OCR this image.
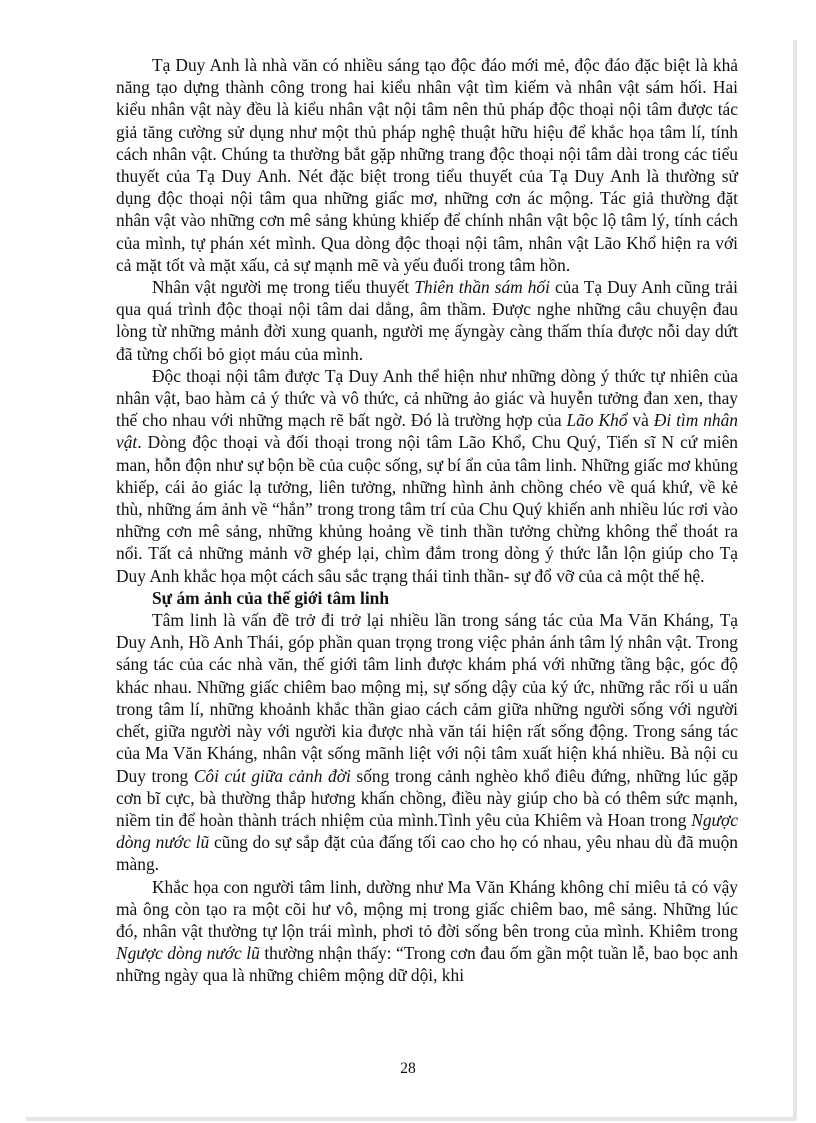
Tạ Duy Anh là nhà văn có nhiều sáng tạo độc đáo mới mẻ, độc đáo đặc biệt là khả năng tạo dựng thành công trong hai kiểu nhân vật tìm kiếm và nhân vật sám hối. Hai kiểu nhân vật này đều là kiểu nhân vật nội tâm nên thủ pháp độc thoại nội tâm được tác giả tăng cường sử dụng như một thủ pháp nghệ thuật hữu hiệu để khắc họa tâm lí, tính cách nhân vật. Chúng ta thường bắt gặp những trang độc thoại nội tâm dài trong các tiểu thuyết của Tạ Duy Anh. Nét đặc biệt trong tiểu thuyết của Tạ Duy Anh là thường sử dụng độc thoại nội tâm qua những giấc mơ, những cơn ác mộng. Tác giả thường đặt nhân vật vào những cơn mê sảng khủng khiếp để chính nhân vật bộc lộ tâm lý, tính cách của mình, tự phán xét mình. Qua dòng độc thoại nội tâm, nhân vật Lão Khổ hiện ra với cả mặt tốt và mặt xấu, cả sự mạnh mẽ và yếu đuối trong tâm hồn.

Nhân vật người mẹ trong tiểu thuyết Thiên thần sám hối của Tạ Duy Anh cũng trải qua quá trình độc thoại nội tâm dai dẳng, âm thầm. Được nghe những câu chuyện đau lòng từ những mảnh đời xung quanh, người mẹ ấyngày càng thấm thía được nỗi day dứt đã từng chối bỏ giọt máu của mình.

Độc thoại nội tâm được Tạ Duy Anh thể hiện như những dòng ý thức tự nhiên của nhân vật, bao hàm cả ý thức và vô thức, cả những ảo giác và huyễn tưởng đan xen, thay thế cho nhau với những mạch rẽ bất ngờ. Đó là trường hợp của Lão Khổ và Đi tìm nhân vật. Dòng độc thoại và đối thoại trong nội tâm Lão Khổ, Chu Quý, Tiến sĩ N cứ miên man, hỗn độn như sự bộn bề của cuộc sống, sự bí ẩn của tâm linh. Những giấc mơ khủng khiếp, cái ảo giác lạ tưởng, liên tưởng, những hình ảnh chồng chéo về quá khứ, về kẻ thù, những ám ảnh về “hắn” trong trong tâm trí của Chu Quý khiến anh nhiều lúc rơi vào những cơn mê sảng, những khủng hoảng về tinh thần tưởng chừng không thể thoát ra nổi. Tất cả những mảnh vỡ ghép lại, chìm đắm trong dòng ý thức lẫn lộn giúp cho Tạ Duy Anh khắc họa một cách sâu sắc trạng thái tinh thần- sự đổ vỡ của cả một thế hệ.

Sự ám ảnh của thế giới tâm linh

Tâm linh là vấn đề trở đi trở lại nhiều lần trong sáng tác của Ma Văn Kháng, Tạ Duy Anh, Hồ Anh Thái, góp phần quan trọng trong việc phản ánh tâm lý nhân vật. Trong sáng tác của các nhà văn, thế giới tâm linh được khám phá với những tầng bậc, góc độ khác nhau. Những giấc chiêm bao mộng mị, sự sống dậy của ký ức, những rắc rối u uẩn trong tâm lí, những khoảnh khắc thần giao cách cảm giữa những người sống với người chết, giữa người này với người kia được nhà văn tái hiện rất sống động. Trong sáng tác của Ma Văn Kháng, nhân vật sống mãnh liệt với nội tâm xuất hiện khá nhiều. Bà nội cu Duy trong Côi cút giữa cảnh đời sống trong cảnh nghèo khổ điêu đứng, những lúc gặp cơn bĩ cực, bà thường thắp hương khấn chồng, điều này giúp cho bà có thêm sức mạnh, niềm tin để hoàn thành trách nhiệm của mình.Tình yêu của Khiêm và Hoan trong Ngược dòng nước lũ cũng do sự sắp đặt của đấng tối cao cho họ có nhau, yêu nhau dù đã muộn màng.

Khắc họa con người tâm linh, dường như Ma Văn Kháng không chỉ miêu tả có vậy mà ông còn tạo ra một cõi hư vô, mộng mị trong giấc chiêm bao, mê sảng. Những lúc đó, nhân vật thường tự lộn trái mình, phơi tỏ đời sống bên trong của mình. Khiêm trong Ngược dòng nước lũ thường nhận thấy: “Trong cơn đau ốm gần một tuần lễ, bao bọc anh những ngày qua là những chiêm mộng dữ dội, khi

28
